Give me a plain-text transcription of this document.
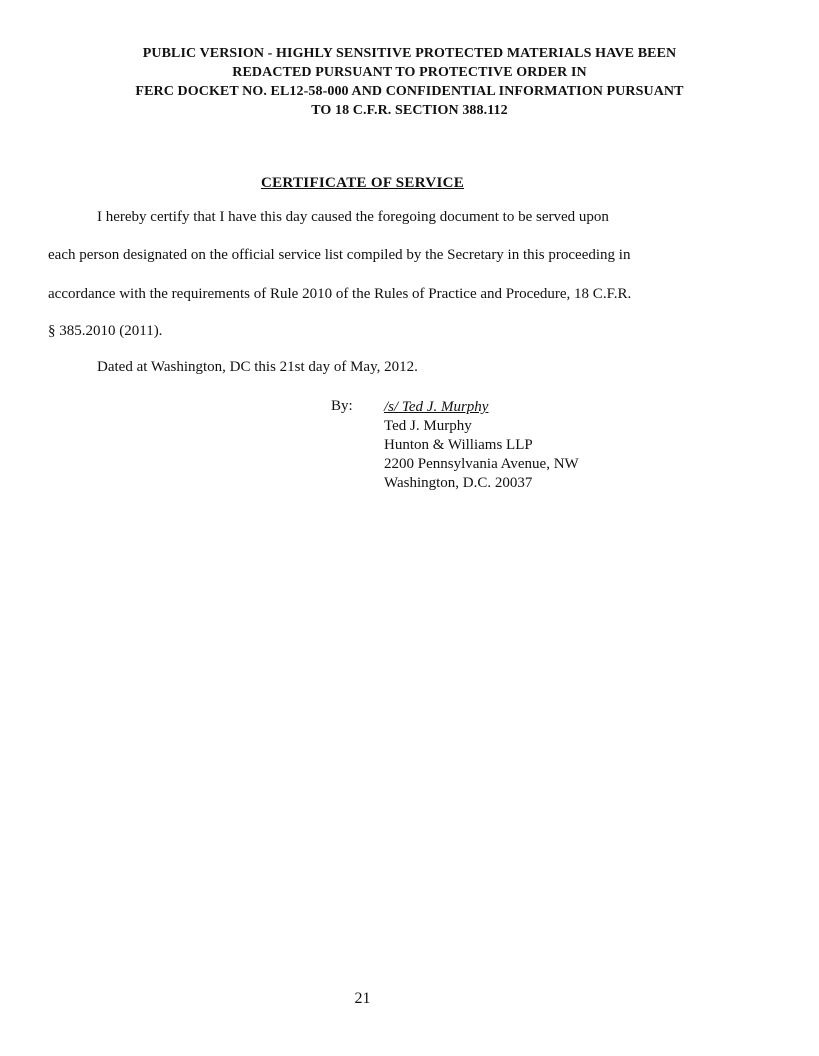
PUBLIC VERSION - HIGHLY SENSITIVE PROTECTED MATERIALS HAVE BEEN
REDACTED PURSUANT TO PROTECTIVE ORDER IN
FERC DOCKET NO. EL12-58-000 AND CONFIDENTIAL INFORMATION PURSUANT
TO 18 C.F.R. SECTION 388.112
CERTIFICATE OF SERVICE
I hereby certify that I have this day caused the foregoing document to be served upon
each person designated on the official service list compiled by the Secretary in this proceeding in
accordance with the requirements of Rule 2010 of the Rules of Practice and Procedure, 18 C.F.R.
§ 385.2010 (2011).
Dated at Washington, DC this 21st day of May, 2012.
By: /s/ Ted J. Murphy
Ted J. Murphy
Hunton & Williams LLP
2200 Pennsylvania Avenue, NW
Washington, D.C. 20037
21
